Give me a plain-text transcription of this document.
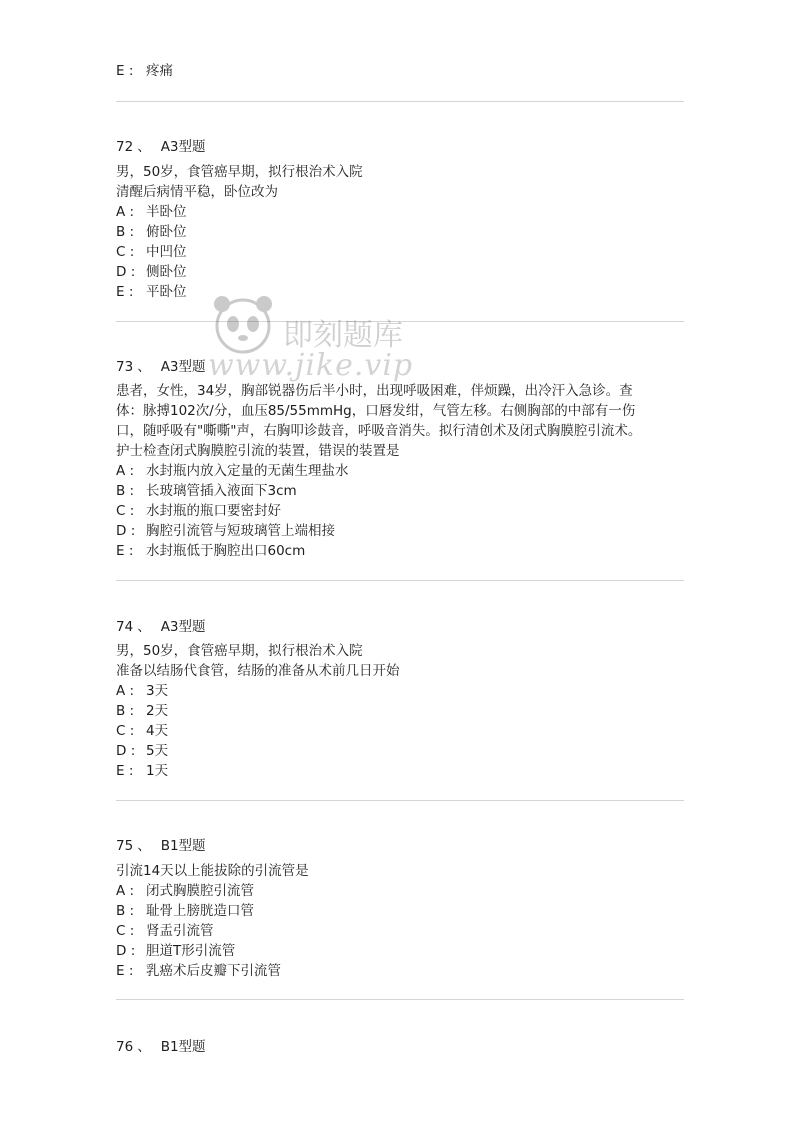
E : 疼痛
72 、 A3型题
男，50岁，食管癌早期，拟行根治术入院
清醒后病情平稳，卧位改为
A : 半卧位
B : 俯卧位
C : 中凹位
D : 侧卧位
E : 平卧位
73 、 A3型题
患者，女性，34岁，胸部锐器伤后半小时，出现呼吸困难，伴烦躁，出冷汗入急诊。查
体：脉搏102次/分，血压85/55mmHg，口唇发绀，气管左移。右侧胸部的中部有一伤
口，随呼吸有"嘶嘶"声，右胸叩诊鼓音，呼吸音消失。拟行清创术及闭式胸膜腔引流术。
护士检查闭式胸膜腔引流的装置，错误的装置是
A : 水封瓶内放入定量的无菌生理盐水
B : 长玻璃管插入液面下3cm
C : 水封瓶的瓶口要密封好
D : 胸腔引流管与短玻璃管上端相接
E : 水封瓶低于胸腔出口60cm
74 、 A3型题
男，50岁，食管癌早期，拟行根治术入院
准备以结肠代食管，结肠的准备从术前几日开始
A : 3天
B : 2天
C : 4天
D : 5天
E : 1天
75 、 B1型题
引流14天以上能拔除的引流管是
A : 闭式胸膜腔引流管
B : 耻骨上膀胱造口管
C : 肾盂引流管
D : 胆道T形引流管
E : 乳癌术后皮瓣下引流管
76 、 B1型题
即刻题库
www.jike.vip
